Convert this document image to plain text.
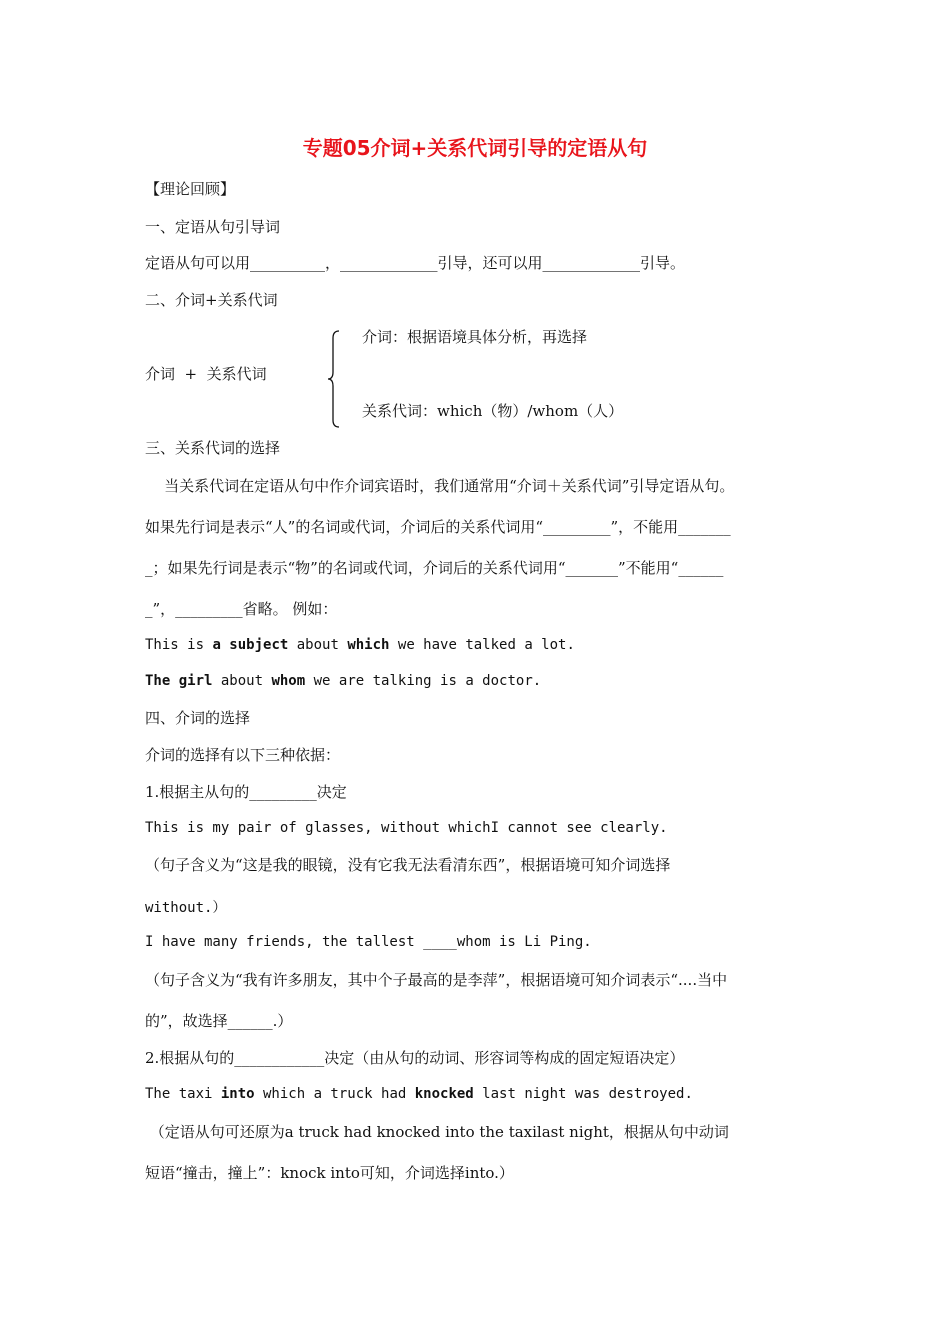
专题05介词+关系代词引导的定语从句
【理论回顾】
一、定语从句引导词
定语从句可以用__________，_____________引导，还可以用_____________引导。
二、介词+关系代词
介词：根据语境具体分析，再选择
介词  +  关系代词
关系代词：which（物）/whom（人）
三、关系代词的选择
当关系代词在定语从句中作介词宾语时，我们通常用“介词＋关系代词”引导定语从句。
如果先行词是表示“人”的名词或代词，介词后的关系代词用“_________”，不能用_______
_；如果先行词是表示“物”的名词或代词，介词后的关系代词用“_______”不能用“______
_”，_________省略。 例如：
This is a subject about which we have talked a lot.
The girl about whom we are talking is a doctor.
四、介词的选择
介词的选择有以下三种依据：
1.根据主从句的_________决定
This is my pair of glasses, without whichI cannot see clearly.
（句子含义为“这是我的眼镜，没有它我无法看清东西”，根据语境可知介词选择
without.）
I have many friends, the tallest ____whom is Li Ping.
（句子含义为“我有许多朋友，其中个子最高的是李萍”，根据语境可知介词表示“....当中
的”，故选择______.）
2.根据从句的____________决定（由从句的动词、形容词等构成的固定短语决定）
The taxi into which a truck had knocked last night was destroyed.
（定语从句可还原为a truck had knocked into the taxilast night，根据从句中动词
短语“撞击，撞上”：knock into可知，介词选择into.）
